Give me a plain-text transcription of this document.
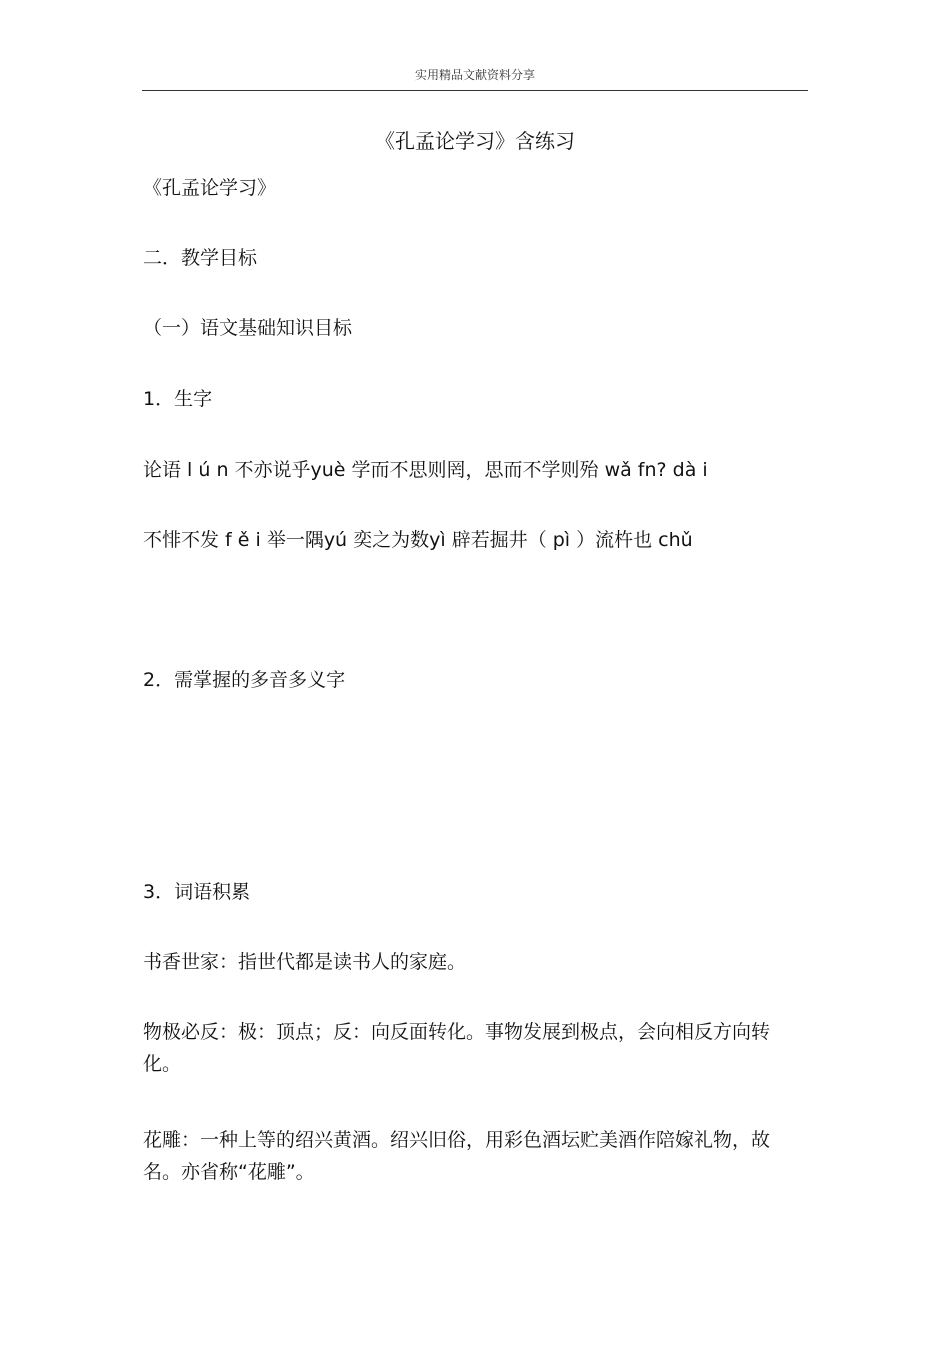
实用精品文献资料分享
《孔孟论学习》含练习
《孔孟论学习》
二．教学目标
（一）语文基础知识目标
1．生字
论语 l ú n 不亦说乎yuè 学而不思则罔，思而不学则殆 wǎ fn? dà i
不悱不发 f ě i 举一隅yú 奕之为数yì 辟若掘井（ pì ）流杵也 chǔ
2．需掌握的多音多义字
3．词语积累
书香世家：指世代都是读书人的家庭。
物极必反：极：顶点；反：向反面转化。事物发展到极点，会向相反方向转化。
花雕：一种上等的绍兴黄酒。绍兴旧俗，用彩色酒坛贮美酒作陪嫁礼物，故名。亦省称“花雕”。
